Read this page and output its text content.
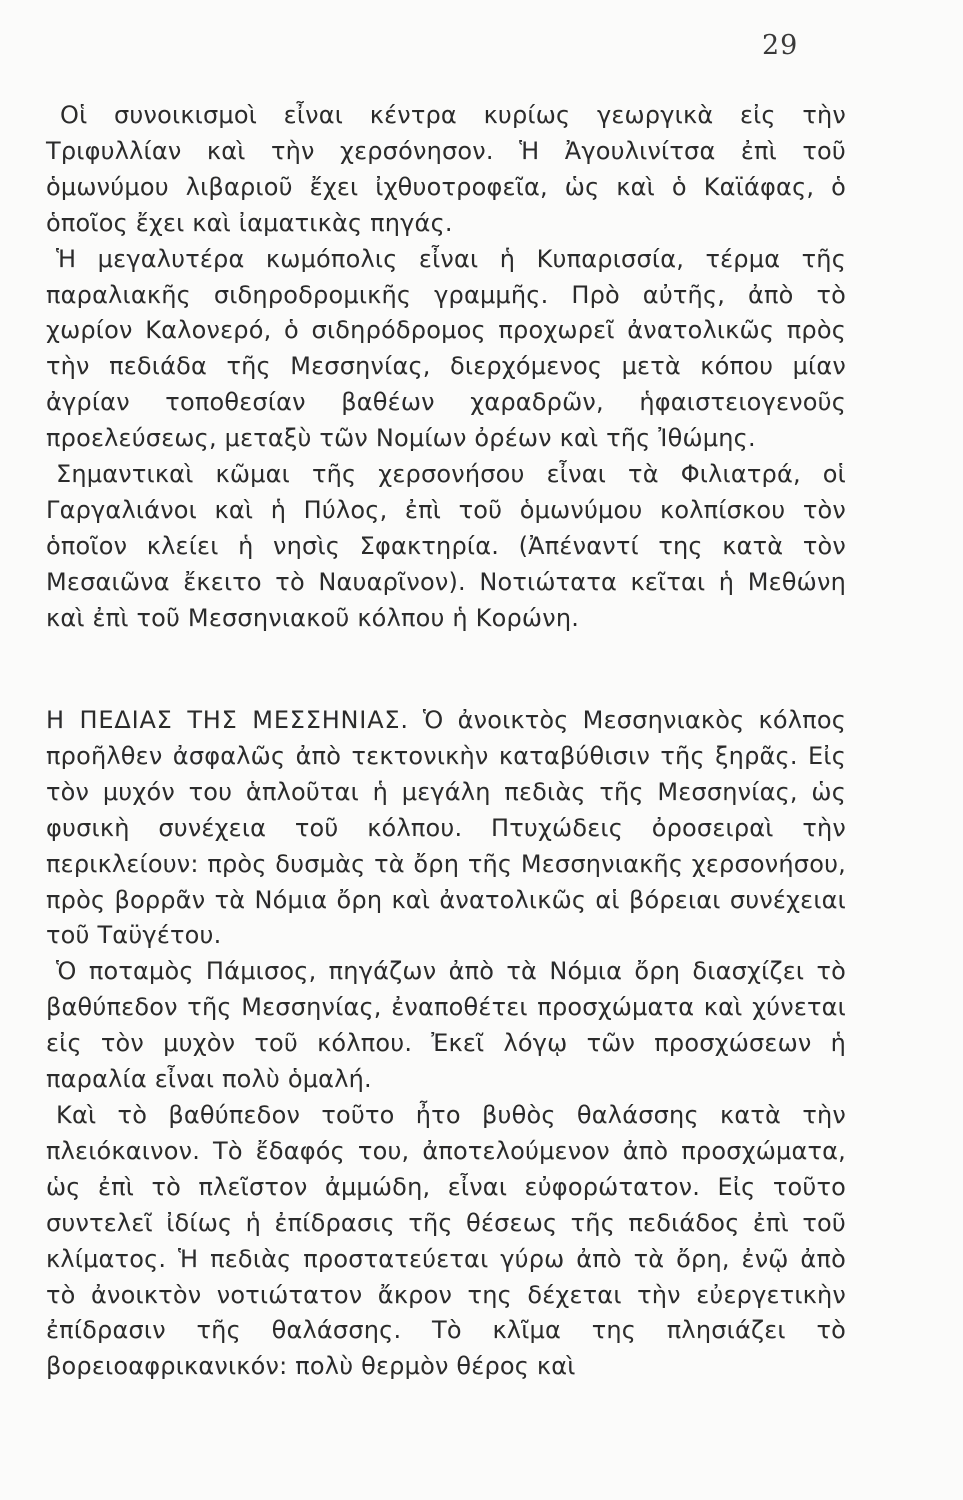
29

Οἱ συνοικισμοὶ εἶναι κέντρα κυρίως γεωργικὰ εἰς τὴν Τριφυλλίαν καὶ τὴν χερσόνησον. Ἡ Ἀγουλινίτσα ἐπὶ τοῦ ὁμωνύμου λιβαριοῦ ἔχει ἰχθυοτροφεῖα, ὡς καὶ ὁ Καϊάφας, ὁ ὁποῖος ἔχει καὶ ἰαματικὰς πηγάς.

Ἡ μεγαλυτέρα κωμόπολις εἶναι ἡ Κυπαρισσία, τέρμα τῆς παραλιακῆς σιδηροδρομικῆς γραμμῆς. Πρὸ αὐτῆς, ἀπὸ τὸ χωρίον Καλονερό, ὁ σιδηρόδρομος προχωρεῖ ἀνατολικῶς πρὸς τὴν πεδιάδα τῆς Μεσσηνίας, διερχόμενος μετὰ κόπου μίαν ἀγρίαν τοποθεσίαν βαθέων χαραδρῶν, ἡφαιστειογενοῦς προελεύσεως, μεταξὺ τῶν Νομίων ὀρέων καὶ τῆς Ἰθώμης.

Σημαντικαὶ κῶμαι τῆς χερσονήσου εἶναι τὰ Φιλιατρά, οἱ Γαργαλιάνοι καὶ ἡ Πύλος, ἐπὶ τοῦ ὁμωνύμου κολπίσκου τὸν ὁποῖον κλείει ἡ νησὶς Σφακτηρία. (Ἀπέναντί της κατὰ τὸν Μεσαιῶνα ἔκειτο τὸ Ναυαρῖνον). Νοτιώτατα κεῖται ἡ Μεθώνη καὶ ἐπὶ τοῦ Μεσσηνιακοῦ κόλπου ἡ Κορώνη.

Η ΠΕΔΙΑΣ ΤΗΣ ΜΕΣΣΗΝΙΑΣ. Ὁ ἀνοικτὸς Μεσσηνιακὸς κόλπος προῆλθεν ἀσφαλῶς ἀπὸ τεκτονικὴν καταβύθισιν τῆς ξηρᾶς. Εἰς τὸν μυχόν του ἁπλοῦται ἡ μεγάλη πεδιὰς τῆς Μεσσηνίας, ὡς φυσικὴ συνέχεια τοῦ κόλπου. Πτυχώδεις ὀροσειραὶ τὴν περικλείουν: πρὸς δυσμὰς τὰ ὄρη τῆς Μεσσηνιακῆς χερσονήσου, πρὸς βορρᾶν τὰ Νόμια ὄρη καὶ ἀνατολικῶς αἱ βόρειαι συνέχειαι τοῦ Ταϋγέτου.

Ὁ ποταμὸς Πάμισος, πηγάζων ἀπὸ τὰ Νόμια ὄρη διασχίζει τὸ βαθύπεδον τῆς Μεσσηνίας, ἐναποθέτει προσχώματα καὶ χύνεται εἰς τὸν μυχὸν τοῦ κόλπου. Ἐκεῖ λόγῳ τῶν προσχώσεων ἡ παραλία εἶναι πολὺ ὁμαλή.

Καὶ τὸ βαθύπεδον τοῦτο ἦτο βυθὸς θαλάσσης κατὰ τὴν πλειόκαινον. Τὸ ἔδαφός του, ἀποτελούμενον ἀπὸ προσχώματα, ὡς ἐπὶ τὸ πλεῖστον ἀμμώδη, εἶναι εὐφορώτατον. Εἰς τοῦτο συντελεῖ ἰδίως ἡ ἐπίδρασις τῆς θέσεως τῆς πεδιάδος ἐπὶ τοῦ κλίματος. Ἡ πεδιὰς προστατεύεται γύρω ἀπὸ τὰ ὄρη, ἐνῷ ἀπὸ τὸ ἀνοικτὸν νοτιώτατον ἄκρον της δέχεται τὴν εὐεργετικὴν ἐπίδρασιν τῆς θαλάσσης. Τὸ κλῖμα της πλησιάζει τὸ βορειοαφρικανικόν: πολὺ θερμὸν θέρος καὶ
